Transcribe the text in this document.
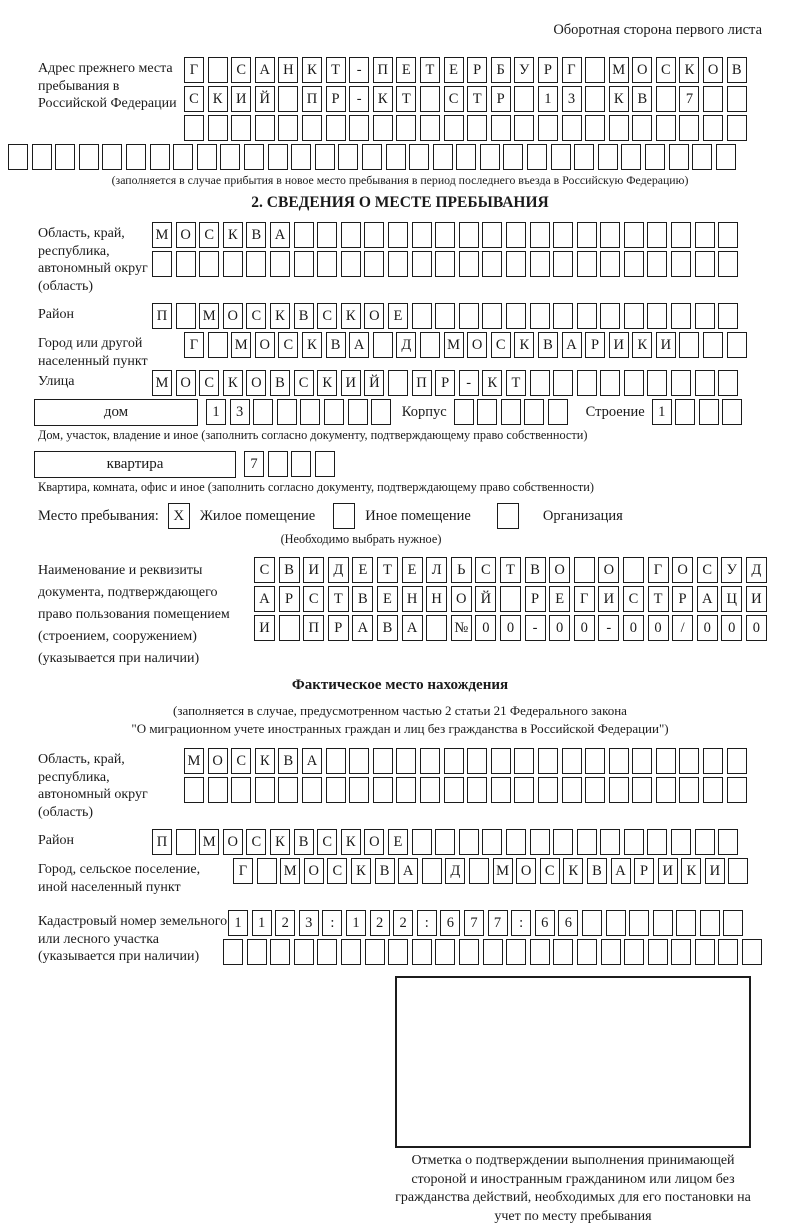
Оборотная сторона первого листа
Адрес прежнего места пребывания в Российской Федерации
Г	С А Н К Т	-	П Е	Т	Е	Р	Б У Р	Г	М О С К О В
С К И Й	П Р	-	К Т	С Т	Р	1	3	К В	7
(заполняется в случае прибытия в новое место пребывания в период последнего въезда в Российскую Федерацию)
2. СВЕДЕНИЯ О МЕСТЕ ПРЕБЫВАНИЯ
Область, край, республика, автономный округ (область)
М О С К В А
Район	П	М О С К В С К О Е
Город или другой населенный пункт
Г	М О С К В А	Д	М О С К В А Р И К И
Улица	М О С К О В С К И Й	П Р	-	К Т
дом	1	3	Корпус	Строение 1
Дом, участок, владение и иное (заполнить согласно документу, подтверждающему право собственности)
квартира	7
Квартира, комната, офис и иное (заполнить согласно документу, подтверждающему право собственности)
Место пребывания: X	Жилое помещение	Иное помещение	Организация
(Необходимо выбрать нужное)
Наименование и реквизиты документа, подтверждающего право пользования помещением (строением, сооружением) (указывается при наличии)
С	В	И Д	Е	Т	Е	Л	Ь	С	Т	В	О	О	Г	О	С	У	Д
А	Р	С	Т	В	Е	Н Н О Й	Р	Е	Г	И	С	Т	Р	А Ц И
И	П	Р	А	В	А	№ 0	0	-	0	0	-	0	0	/	0	0	0
Фактическое место нахождения
(заполняется в случае, предусмотренном частью 2 статьи 21 Федерального закона
"О миграционном учете иностранных граждан и лиц без гражданства в Российской Федерации")
Область, край, республика, автономный округ (область)
М О С К В А
Район	П	М О С К В С К О Е
Город, сельское поселение, иной населенный пункт
Г	М О С К В А	Д	М О С К В А Р И К И
Кадастровый номер земельного или лесного участка (указывается при наличии)
1	1	2	3	:	1	2	2	:	6	7	7	:	6	6
Отметка о подтверждении выполнения принимающей стороной и иностранным гражданином или лицом без гражданства действий, необходимых для его постановки на учет по месту пребывания
